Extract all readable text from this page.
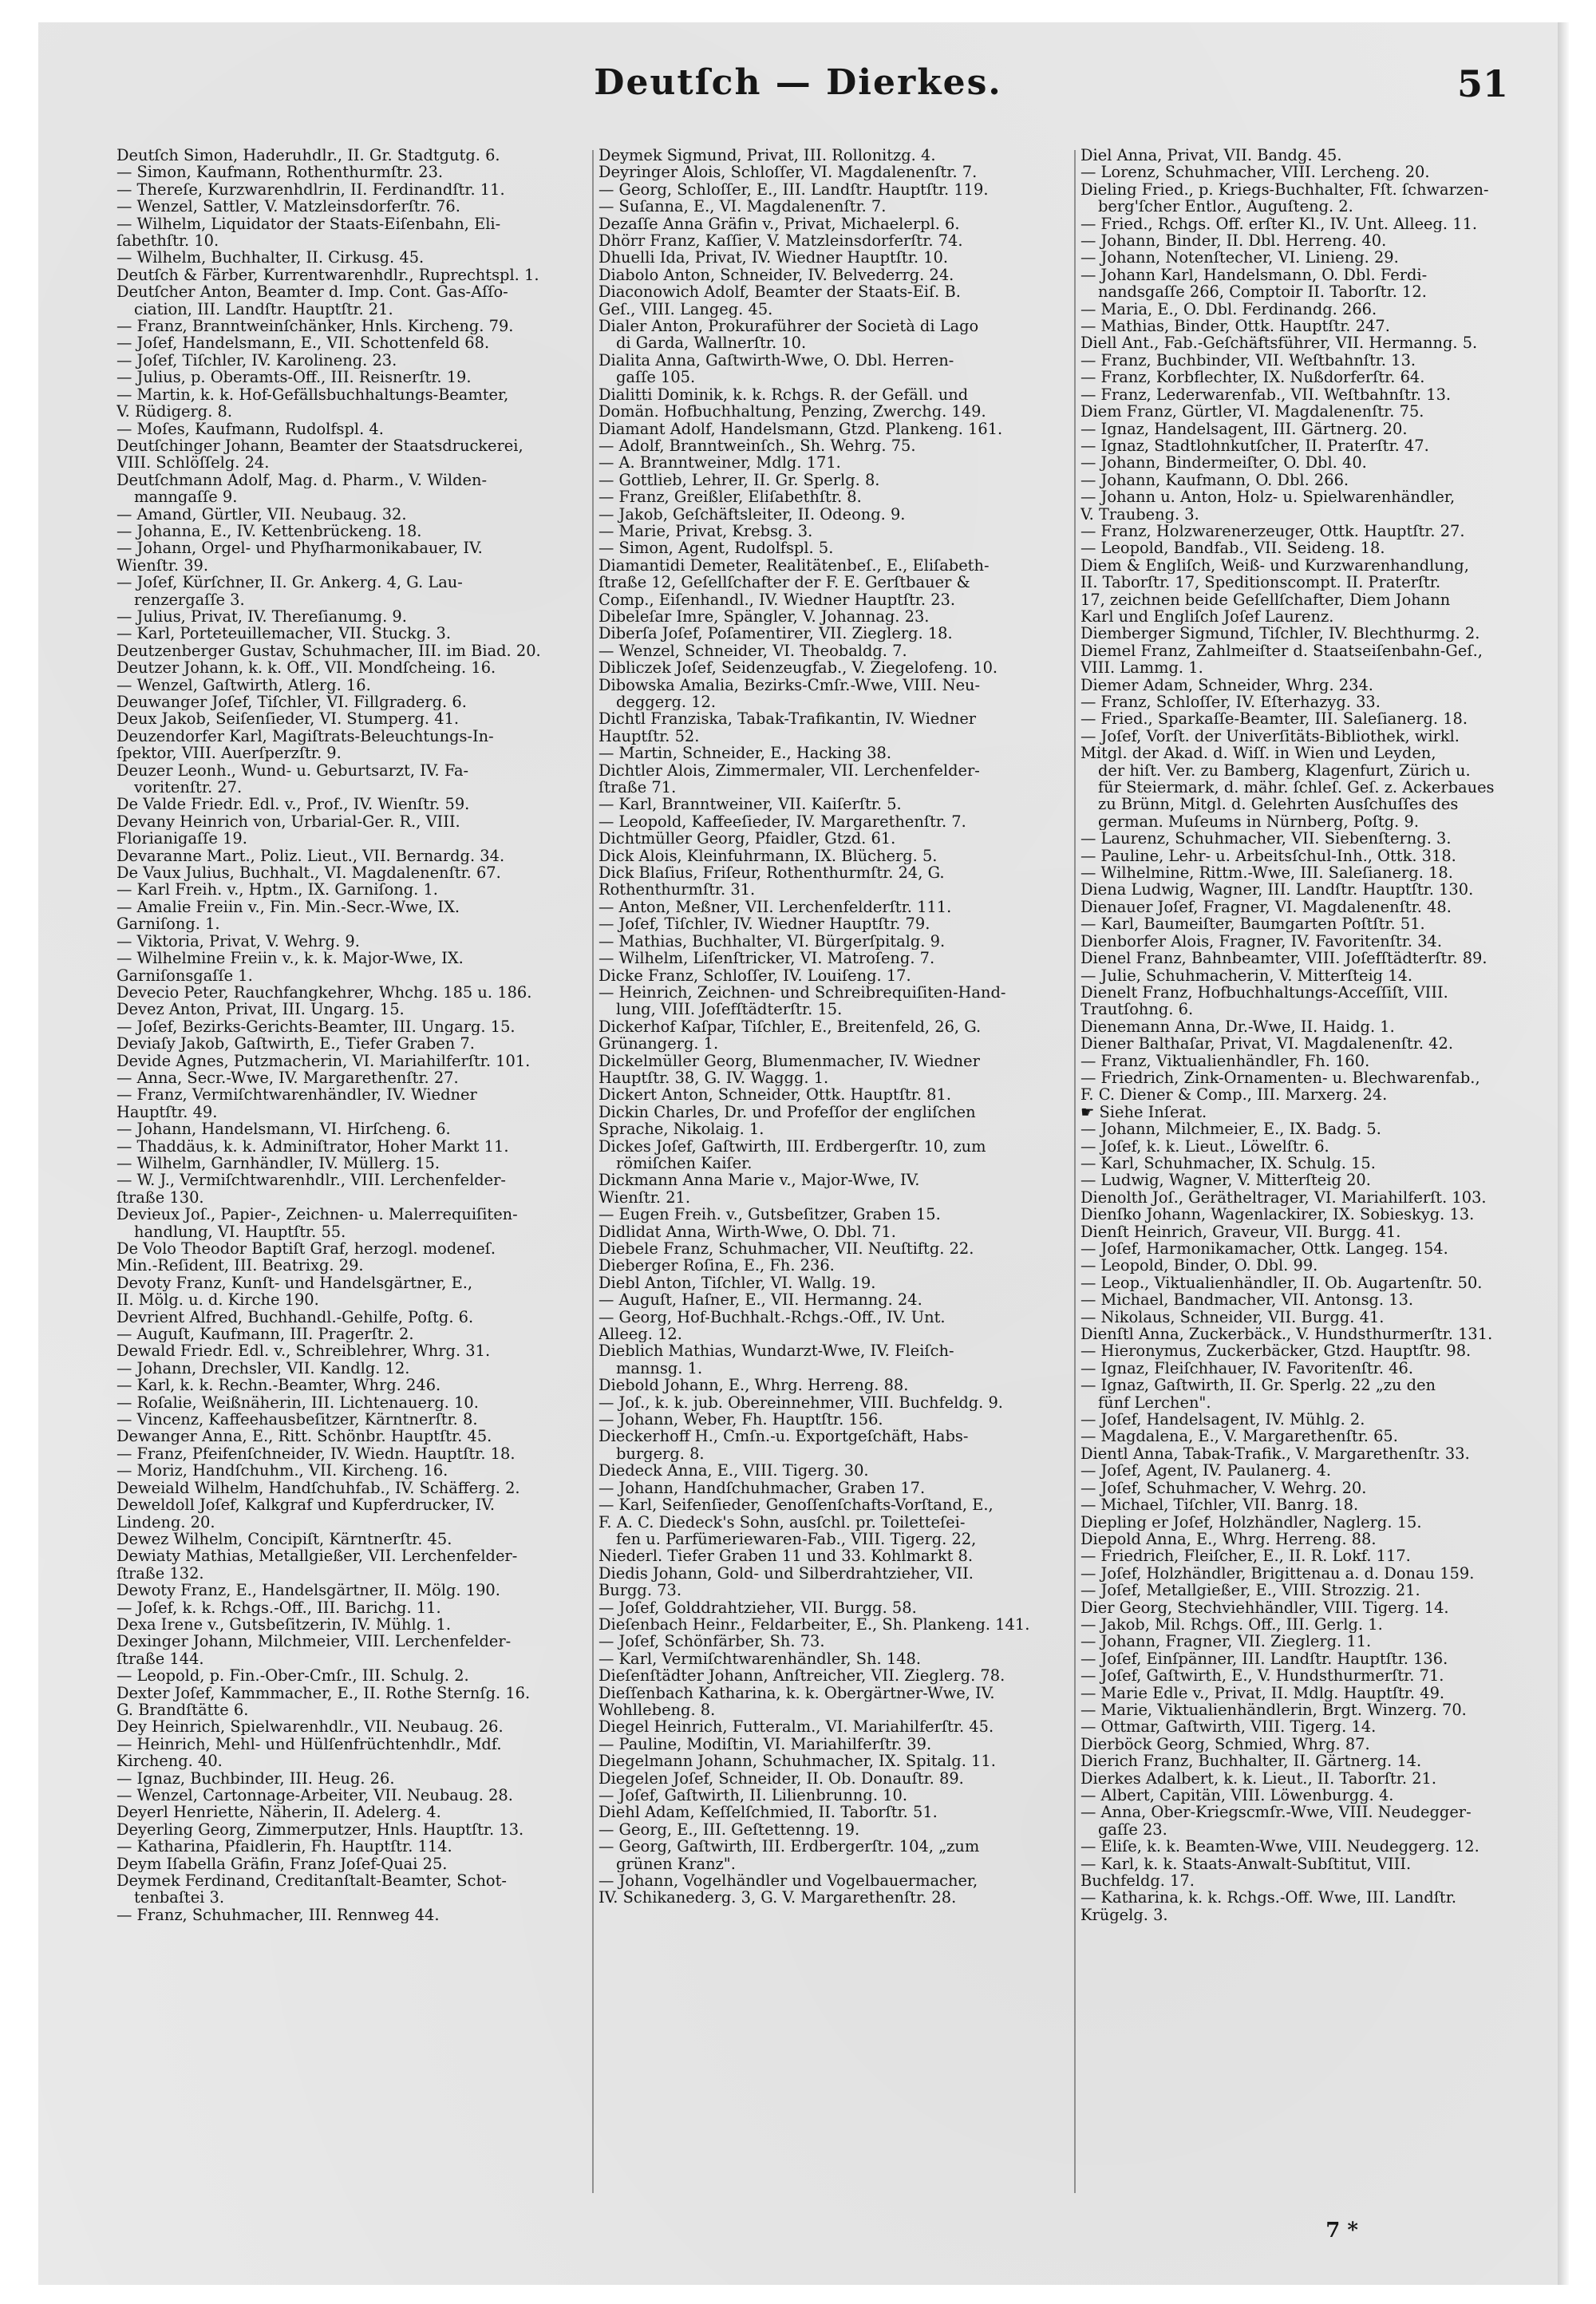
Deutſch — Dierkes.	51
Deutſch Simon, Haderuhdlr., II. Gr. Stadtgutg. 6.
— Simon, Kaufmann, Rothenthurmſtr. 23.
— Thereſe, Kurzwarenhdlrin, II. Ferdinandſtr. 11.
— Wenzel, Sattler, V. Matzleinsdorferſtr. 76.
— Wilhelm, Liquidator der Staats-Eiſenbahn, Eli-
ſabethſtr. 10.
— Wilhelm, Buchhalter, II. Cirkusg. 45.
Deutſch & Färber, Kurrentwarenhdlr., Ruprechtspl. 1.
Deutſcher Anton, Beamter d. Imp. Cont. Gas-Aſſo-
ciation, III. Landſtr. Hauptſtr. 21.
— Franz, Branntweinſchänker, Hnls. Kircheng. 79.
— Joſef, Handelsmann, E., VII. Schottenfeld 68.
— Joſef, Tiſchler, IV. Karolineng. 23.
— Julius, p. Oberamts-Off., III. Reisnerſtr. 19.
— Martin, k. k. Hof-Gefällsbuchhaltungs-Beamter,
V. Rüdigerg. 8.
— Moſes, Kaufmann, Rudolfspl. 4.
Deutſchinger Johann, Beamter der Staatsdruckerei,
VIII. Schlöſſelg. 24.
Deutſchmann Adolf, Mag. d. Pharm., V. Wilden-
manngaſſe 9.
— Amand, Gürtler, VII. Neubaug. 32.
— Johanna, E., IV. Kettenbrückeng. 18.
— Johann, Orgel- und Phyſharmonikabauer, IV.
Wienſtr. 39.
— Joſef, Kürſchner, II. Gr. Ankerg. 4, G. Lau-
renzergaſſe 3.
— Julius, Privat, IV. Thereſianumg. 9.
— Karl, Porteteuillemacher, VII. Stuckg. 3.
Deutzenberger Gustav, Schuhmacher, III. im Biad. 20.
Deutzer Johann, k. k. Off., VII. Mondſcheing. 16.
— Wenzel, Gaſtwirth, Atlerg. 16.
Deuwanger Joſef, Tiſchler, VI. Fillgraderg. 6.
Deux Jakob, Seiſenſieder, VI. Stumperg. 41.
Deuzendorfer Karl, Magiſtrats-Beleuchtungs-In-
ſpektor, VIII. Auerſperzſtr. 9.
Deuzer Leonh., Wund- u. Geburtsarzt, IV. Fa-
voritenſtr. 27.
De Valde Friedr. Edl. v., Prof., IV. Wienſtr. 59.
Devany Heinrich von, Urbarial-Ger. R., VIII.
Florianigaſſe 19.
Devaranne Mart., Poliz. Lieut., VII. Bernardg. 34.
De Vaux Julius, Buchhalt., VI. Magdalenenſtr. 67.
— Karl Freih. v., Hptm., IX. Garniſong. 1.
— Amalie Freiin v., Fin. Min.-Secr.-Wwe, IX.
Garniſong. 1.
— Viktoria, Privat, V. Wehrg. 9.
— Wilhelmine Freiin v., k. k. Major-Wwe, IX.
Garniſonsgaſſe 1.
Devecio Peter, Rauchfangkehrer, Whchg. 185 u. 186.
Devez Anton, Privat, III. Ungarg. 15.
— Joſef, Bezirks-Gerichts-Beamter, III. Ungarg. 15.
Deviaſy Jakob, Gaſtwirth, E., Tiefer Graben 7.
Devide Agnes, Putzmacherin, VI. Mariahilferſtr. 101.
— Anna, Secr.-Wwe, IV. Margarethenſtr. 27.
— Franz, Vermiſchtwarenhändler, IV. Wiedner
Hauptſtr. 49.
— Johann, Handelsmann, VI. Hirſcheng. 6.
— Thaddäus, k. k. Adminiſtrator, Hoher Markt 11.
— Wilhelm, Garnhändler, IV. Müllerg. 15.
— W. J., Vermiſchtwarenhdlr., VIII. Lerchenfelder-
ſtraße 130.
Devieux Joſ., Papier-, Zeichnen- u. Malerrequiſiten-
handlung, VI. Hauptſtr. 55.
De Volo Theodor Baptiſt Graf, herzogl. modeneſ.
Min.-Reſident, III. Beatrixg. 29.
Devoty Franz, Kunſt- und Handelsgärtner, E.,
II. Mölg. u. d. Kirche 190.
Devrient Alfred, Buchhandl.-Gehilfe, Poſtg. 6.
— Auguſt, Kaufmann, III. Pragerſtr. 2.
Dewald Friedr. Edl. v., Schreiblehrer, Whrg. 31.
— Johann, Drechsler, VII. Kandlg. 12.
— Karl, k. k. Rechn.-Beamter, Whrg. 246.
— Roſalie, Weißnäherin, III. Lichtenauerg. 10.
— Vincenz, Kaffeehausbeſitzer, Kärntnerſtr. 8.
Dewanger Anna, E., Ritt. Schönbr. Hauptſtr. 45.
— Franz, Pfeifenſchneider, IV. Wiedn. Hauptſtr. 18.
— Moriz, Handſchuhm., VII. Kircheng. 16.
Deweiald Wilhelm, Handſchuhfab., IV. Schäfferg. 2.
Deweldoll Joſef, Kalkgraf und Kupferdrucker, IV.
Lindeng. 20.
Dewez Wilhelm, Concipiſt, Kärntnerſtr. 45.
Dewiaty Mathias, Metallgießer, VII. Lerchenfelder-
ſtraße 132.
Dewoty Franz, E., Handelsgärtner, II. Mölg. 190.
— Joſef, k. k. Rchgs.-Off., III. Barichg. 11.
Dexa Irene v., Gutsbeſitzerin, IV. Mühlg. 1.
Dexinger Johann, Milchmeier, VIII. Lerchenfelder-
ſtraße 144.
— Leopold, p. Fin.-Ober-Cmſr., III. Schulg. 2.
Dexter Joſef, Kammmacher, E., II. Rothe Sternſg. 16.
G. Brandſtätte 6.
Dey Heinrich, Spielwarenhdlr., VII. Neubaug. 26.
— Heinrich, Mehl- und Hülſenfrüchtenhdlr., Mdf.
Kircheng. 40.
— Ignaz, Buchbinder, III. Heug. 26.
— Wenzel, Cartonnage-Arbeiter, VII. Neubaug. 28.
Deyerl Henriette, Näherin, II. Adelerg. 4.
Deyerling Georg, Zimmerputzer, Hnls. Hauptſtr. 13.
— Katharina, Pfaidlerin, Fh. Hauptſtr. 114.
Deym Iſabella Gräfin, Franz Joſef-Quai 25.
Deymek Ferdinand, Creditanſtalt-Beamter, Schot-
tenbaſtei 3.
— Franz, Schuhmacher, III. Rennweg 44.
Deymek Sigmund, Privat, III. Rollonitzg. 4.
Deyringer Alois, Schloſſer, VI. Magdalenenſtr. 7.
— Georg, Schloſſer, E., III. Landſtr. Hauptſtr. 119.
— Suſanna, E., VI. Magdalenenſtr. 7.
Dezaſſe Anna Gräfin v., Privat, Michaelerpl. 6.
Dhörr Franz, Kaſſier, V. Matzleinsdorferſtr. 74.
Dhuelli Ida, Privat, IV. Wiedner Hauptſtr. 10.
Diabolo Anton, Schneider, IV. Belvederrg. 24.
Diaconowich Adolf, Beamter der Staats-Eiſ. B.
Geſ., VIII. Langeg. 45.
Dialer Anton, Prokuraführer der Società di Lago
di Garda, Wallnerſtr. 10.
Dialita Anna, Gaſtwirth-Wwe, O. Dbl. Herren-
gaſſe 105.
Dialitti Dominik, k. k. Rchgs. R. der Gefäll. und
Domän. Hofbuchhaltung, Penzing, Zwerchg. 149.
Diamant Adolf, Handelsmann, Gtzd. Plankeng. 161.
— Adolf, Branntweinſch., Sh. Wehrg. 75.
— A. Branntweiner, Mdlg. 171.
— Gottlieb, Lehrer, II. Gr. Sperlg. 8.
— Franz, Greißler, Eliſabethſtr. 8.
— Jakob, Geſchäftsleiter, II. Odeong. 9.
— Marie, Privat, Krebsg. 3.
— Simon, Agent, Rudolfspl. 5.
Diamantidi Demeter, Realitätenbeſ., E., Eliſabeth-
ſtraße 12, Geſellſchafter der F. E. Gerſtbauer &
Comp., Eiſenhandl., IV. Wiedner Hauptſtr. 23.
Dibeleſar Imre, Spängler, V. Johannag. 23.
Diberſa Joſef, Poſamentirer, VII. Zieglerg. 18.
— Wenzel, Schneider, VI. Theobaldg. 7.
Dibliczek Joſef, Seidenzeugfab., V. Ziegelofeng. 10.
Dibowska Amalia, Bezirks-Cmſr.-Wwe, VIII. Neu-
deggerg. 12.
Dichtl Franziska, Tabak-Trafikantin, IV. Wiedner
Hauptſtr. 52.
— Martin, Schneider, E., Hacking 38.
Dichtler Alois, Zimmermaler, VII. Lerchenfelder-
ſtraße 71.
— Karl, Branntweiner, VII. Kaiſerſtr. 5.
— Leopold, Kaffeeſieder, IV. Margarethenſtr. 7.
Dichtmüller Georg, Pfaidler, Gtzd. 61.
Dick Alois, Kleinfuhrmann, IX. Blücherg. 5.
Dick Blaſius, Friſeur, Rothenthurmſtr. 24, G.
Rothenthurmſtr. 31.
— Anton, Meßner, VII. Lerchenfelderſtr. 111.
— Joſef, Tiſchler, IV. Wiedner Hauptſtr. 79.
— Mathias, Buchhalter, VI. Bürgerſpitalg. 9.
— Wilhelm, Liſenſtricker, VI. Matroſeng. 7.
Dicke Franz, Schloſſer, IV. Louiſeng. 17.
— Heinrich, Zeichnen- und Schreibrequiſiten-Hand-
lung, VIII. Joſefſtädterſtr. 15.
Dickerhof Kaſpar, Tiſchler, E., Breitenfeld, 26, G.
Grünangerg. 1.
Dickelmüller Georg, Blumenmacher, IV. Wiedner
Hauptſtr. 38, G. IV. Waggg. 1.
Dickert Anton, Schneider, Ottk. Hauptſtr. 81.
Dickin Charles, Dr. und Profeſſor der engliſchen
Sprache, Nikolaig. 1.
Dickes Joſef, Gaſtwirth, III. Erdbergerſtr. 10, zum
römiſchen Kaiſer.
Dickmann Anna Marie v., Major-Wwe, IV.
Wienſtr. 21.
— Eugen Freih. v., Gutsbeſitzer, Graben 15.
Didlidat Anna, Wirth-Wwe, O. Dbl. 71.
Diebele Franz, Schuhmacher, VII. Neuſtiftg. 22.
Dieberger Roſina, E., Fh. 236.
Diebl Anton, Tiſchler, VI. Wallg. 19.
— Auguſt, Haſner, E., VII. Hermanng. 24.
— Georg, Hof-Buchhalt.-Rchgs.-Off., IV. Unt.
Alleeg. 12.
Dieblich Mathias, Wundarzt-Wwe, IV. Fleiſch-
mannsg. 1.
Diebold Johann, E., Whrg. Herreng. 88.
— Joſ., k. k. jub. Obereinnehmer, VIII. Buchfeldg. 9.
— Johann, Weber, Fh. Hauptſtr. 156.
Dieckerhoff H., Cmſn.-u. Exportgeſchäft, Habs-
burgerg. 8.
Diedeck Anna, E., VIII. Tigerg. 30.
— Johann, Handſchuhmacher, Graben 17.
— Karl, Seifenſieder, Genoſſenſchafts-Vorſtand, E.,
F. A. C. Diedeck's Sohn, ausſchl. pr. Toiletteſei-
fen u. Parfümeriewaren-Fab., VIII. Tigerg. 22,
Niederl. Tiefer Graben 11 und 33. Kohlmarkt 8.
Diedis Johann, Gold- und Silberdrahtzieher, VII.
Burgg. 73.
— Joſef, Golddrahtzieher, VII. Burgg. 58.
Dieſenbach Heinr., Feldarbeiter, E., Sh. Plankeng. 141.
— Joſef, Schönfärber, Sh. 73.
— Karl, Vermiſchtwarenhändler, Sh. 148.
Dieſenſtädter Johann, Anſtreicher, VII. Zieglerg. 78.
Dieſſenbach Katharina, k. k. Obergärtner-Wwe, IV.
Wohllebeng. 8.
Diegel Heinrich, Futteralm., VI. Mariahilferſtr. 45.
— Pauline, Modiſtin, VI. Mariahilferſtr. 39.
Diegelmann Johann, Schuhmacher, IX. Spitalg. 11.
Diegelen Joſef, Schneider, II. Ob. Donauſtr. 89.
— Joſef, Gaſtwirth, II. Lilienbrunng. 10.
Diehl Adam, Keſſelſchmied, II. Taborſtr. 51.
— Georg, E., III. Geſtettenng. 19.
— Georg, Gaſtwirth, III. Erdbergerſtr. 104, „zum
grünen Kranz".
— Johann, Vogelhändler und Vogelbauermacher,
IV. Schikanederg. 3, G. V. Margarethenſtr. 28.
Diel Anna, Privat, VII. Bandg. 45.
— Lorenz, Schuhmacher, VIII. Lercheng. 20.
Dieling Fried., p. Kriegs-Buchhalter, Fſt. ſchwarzen-
berg'ſcher Entlor., Auguſteng. 2.
— Fried., Rchgs. Off. erſter Kl., IV. Unt. Alleeg. 11.
— Johann, Binder, II. Dbl. Herreng. 40.
— Johann, Notenſtecher, VI. Linieng. 29.
— Johann Karl, Handelsmann, O. Dbl. Ferdi-
nandsgaſſe 266, Comptoir II. Taborſtr. 12.
— Maria, E., O. Dbl. Ferdinandg. 266.
— Mathias, Binder, Ottk. Hauptſtr. 247.
Diell Ant., Fab.-Geſchäftsführer, VII. Hermanng. 5.
— Franz, Buchbinder, VII. Weſtbahnſtr. 13.
— Franz, Korbflechter, IX. Nußdorferſtr. 64.
— Franz, Lederwarenfab., VII. Weſtbahnſtr. 13.
Diem Franz, Gürtler, VI. Magdalenenſtr. 75.
— Ignaz, Handelsagent, III. Gärtnerg. 20.
— Ignaz, Stadtlohnkutſcher, II. Praterſtr. 47.
— Johann, Bindermeiſter, O. Dbl. 40.
— Johann, Kaufmann, O. Dbl. 266.
— Johann u. Anton, Holz- u. Spielwarenhändler,
V. Traubeng. 3.
— Franz, Holzwarenerzeuger, Ottk. Hauptſtr. 27.
— Leopold, Bandfab., VII. Seideng. 18.
Diem & Engliſch, Weiß- und Kurzwarenhandlung,
II. Taborſtr. 17, Speditionscompt. II. Praterſtr.
17, zeichnen beide Geſellſchafter, Diem Johann
Karl und Engliſch Joſef Laurenz.
Diemberger Sigmund, Tiſchler, IV. Blechthurmg. 2.
Diemel Franz, Zahlmeiſter d. Staatseiſenbahn-Geſ.,
VIII. Lammg. 1.
Diemer Adam, Schneider, Whrg. 234.
— Franz, Schloſſer, IV. Eſterhazyg. 33.
— Fried., Sparkaſſe-Beamter, III. Saleſianerg. 18.
— Joſef, Vorſt. der Univerſitäts-Bibliothek, wirkl.
Mitgl. der Akad. d. Wiſſ. in Wien und Leyden,
der hiſt. Ver. zu Bamberg, Klagenfurt, Zürich u.
für Steiermark, d. mähr. ſchleſ. Geſ. z. Ackerbaues
zu Brünn, Mitgl. d. Gelehrten Ausſchuſſes des
german. Muſeums in Nürnberg, Poſtg. 9.
— Laurenz, Schuhmacher, VII. Siebenſterng. 3.
— Pauline, Lehr- u. Arbeitsſchul-Inh., Ottk. 318.
— Wilhelmine, Rittm.-Wwe, III. Saleſianerg. 18.
Diena Ludwig, Wagner, III. Landſtr. Hauptſtr. 130.
Dienauer Joſef, Fragner, VI. Magdalenenſtr. 48.
— Karl, Baumeiſter, Baumgarten Poſtſtr. 51.
Dienborfer Alois, Fragner, IV. Favoritenſtr. 34.
Dienel Franz, Bahnbeamter, VIII. Joſefſtädterſtr. 89.
— Julie, Schuhmacherin, V. Mitterſteig 14.
Dienelt Franz, Hofbuchhaltungs-Acceſſiſt, VIII.
Trautſohng. 6.
Dienemann Anna, Dr.-Wwe, II. Haidg. 1.
Diener Balthaſar, Privat, VI. Magdalenenſtr. 42.
— Franz, Viktualienhändler, Fh. 160.
— Friedrich, Zink-Ornamenten- u. Blechwarenfab.,
F. C. Diener & Comp., III. Marxerg. 24.
☛ Siehe Inſerat.
— Johann, Milchmeier, E., IX. Badg. 5.
— Joſef, k. k. Lieut., Löwelſtr. 6.
— Karl, Schuhmacher, IX. Schulg. 15.
— Ludwig, Wagner, V. Mitterſteig 20.
Dienolth Joſ., Gerätheltrager, VI. Mariahilferſt. 103.
Dienſko Johann, Wagenlackirer, IX. Sobieskyg. 13.
Dienſt Heinrich, Graveur, VII. Burgg. 41.
— Joſef, Harmonikamacher, Ottk. Langeg. 154.
— Leopold, Binder, O. Dbl. 99.
— Leop., Viktualienhändler, II. Ob. Augartenſtr. 50.
— Michael, Bandmacher, VII. Antonsg. 13.
— Nikolaus, Schneider, VII. Burgg. 41.
Dienſtl Anna, Zuckerbäck., V. Hundsthurmerſtr. 131.
— Hieronymus, Zuckerbäcker, Gtzd. Hauptſtr. 98.
— Ignaz, Fleiſchhauer, IV. Favoritenſtr. 46.
— Ignaz, Gaſtwirth, II. Gr. Sperlg. 22 „zu den
fünf Lerchen".
— Joſef, Handelsagent, IV. Mühlg. 2.
— Magdalena, E., V. Margarethenſtr. 65.
Dientl Anna, Tabak-Trafik., V. Margarethenſtr. 33.
— Joſef, Agent, IV. Paulanerg. 4.
— Joſef, Schuhmacher, V. Wehrg. 20.
— Michael, Tiſchler, VII. Banrg. 18.
Diepling er Joſef, Holzhändler, Naglerg. 15.
Diepold Anna, E., Whrg. Herreng. 88.
— Friedrich, Fleiſcher, E., II. R. Lokf. 117.
— Joſef, Holzhändler, Brigittenau a. d. Donau 159.
— Joſef, Metallgießer, E., VIII. Strozzig. 21.
Dier Georg, Stechviehhändler, VIII. Tigerg. 14.
— Jakob, Mil. Rchgs. Off., III. Gerlg. 1.
— Johann, Fragner, VII. Zieglerg. 11.
— Joſef, Einſpänner, III. Landſtr. Hauptſtr. 136.
— Joſef, Gaſtwirth, E., V. Hundsthurmerſtr. 71.
— Marie Edle v., Privat, II. Mdlg. Hauptſtr. 49.
— Marie, Viktualienhändlerin, Brgt. Winzerg. 70.
— Ottmar, Gaſtwirth, VIII. Tigerg. 14.
Dierböck Georg, Schmied, Whrg. 87.
Dierich Franz, Buchhalter, II. Gärtnerg. 14.
Dierkes Adalbert, k. k. Lieut., II. Taborſtr. 21.
— Albert, Capitän, VIII. Löwenburgg. 4.
— Anna, Ober-Kriegscmſr.-Wwe, VIII. Neudegger-
gaſſe 23.
— Eliſe, k. k. Beamten-Wwe, VIII. Neudeggerg. 12.
— Karl, k. k. Staats-Anwalt-Subſtitut, VIII.
Buchfeldg. 17.
— Katharina, k. k. Rchgs.-Off. Wwe, III. Landſtr.
Krügelg. 3.
7 *
